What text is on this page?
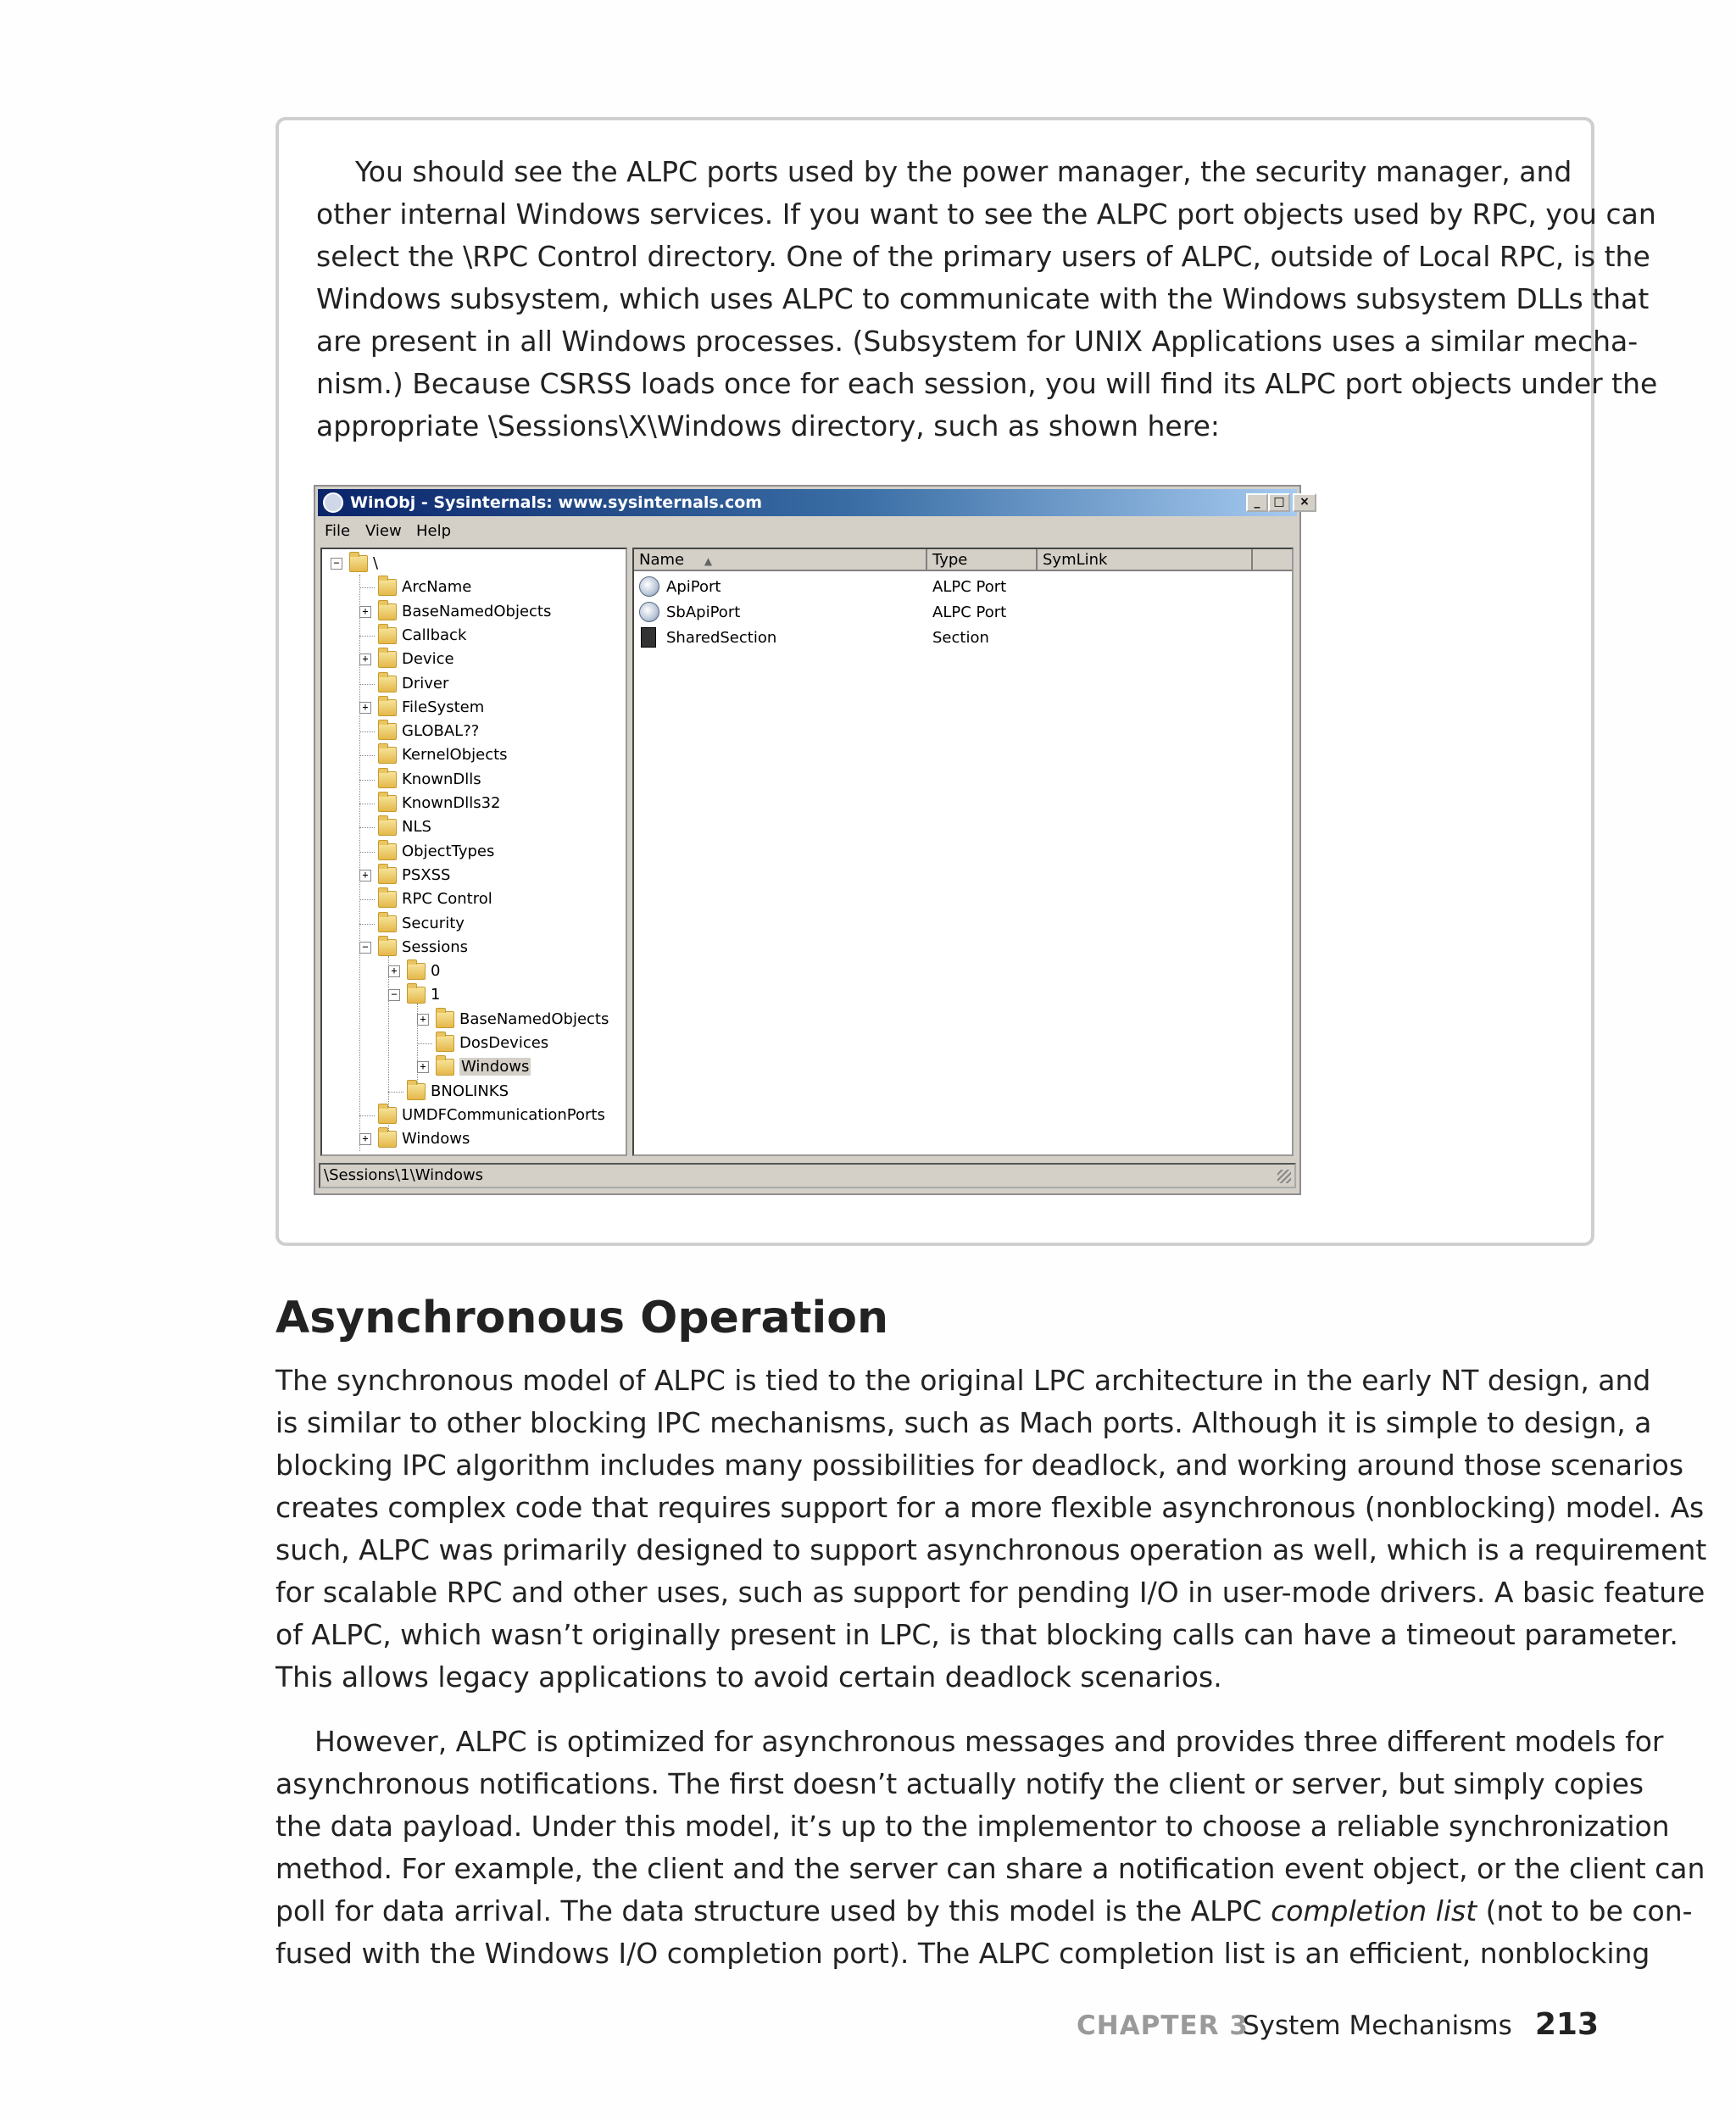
You should see the ALPC ports used by the power manager, the security manager, and
other internal Windows services. If you want to see the ALPC port objects used by RPC, you can
select the \RPC Control directory. One of the primary users of ALPC, outside of Local RPC, is the
Windows subsystem, which uses ALPC to communicate with the Windows subsystem DLLs that
are present in all Windows processes. (Subsystem for UNIX Applications uses a similar mecha-
nism.) Because CSRSS loads once for each session, you will find its ALPC port objects under the
appropriate \Sessions\X\Windows directory, such as shown here:

WinObj - Sysinternals: www.sysinternals.com	_	□	×
File View Help
− \
ArcName
+ BaseNamedObjects
Callback
+ Device
Driver
+ FileSystem
GLOBAL??
KernelObjects
KnownDlls
KnownDlls32
NLS
ObjectTypes
+ PSXSS
RPC Control
Security
− Sessions
+ 0
− 1
+ BaseNamedObjects
DosDevices
+ Windows
BNOLINKS
UMDFCommunicationPorts
+ Windows
Name ▲	Type	SymLink
ApiPort	ALPC Port
SbApiPort	ALPC Port
SharedSection	Section
\Sessions\1\Windows
Asynchronous Operation

The synchronous model of ALPC is tied to the original LPC architecture in the early NT design, and
is similar to other blocking IPC mechanisms, such as Mach ports. Although it is simple to design, a
blocking IPC algorithm includes many possibilities for deadlock, and working around those scenarios
creates complex code that requires support for a more flexible asynchronous (nonblocking) model. As
such, ALPC was primarily designed to support asynchronous operation as well, which is a requirement
for scalable RPC and other uses, such as support for pending I/O in user-mode drivers. A basic feature
of ALPC, which wasn’t originally present in LPC, is that blocking calls can have a timeout parameter.
This allows legacy applications to avoid certain deadlock scenarios.

However, ALPC is optimized for asynchronous messages and provides three different models for
asynchronous notifications. The first doesn’t actually notify the client or server, but simply copies
the data payload. Under this model, it’s up to the implementor to choose a reliable synchronization
method. For example, the client and the server can share a notification event object, or the client can
poll for data arrival. The data structure used by this model is the ALPC completion list (not to be con-
fused with the Windows I/O completion port). The ALPC completion list is an efficient, nonblocking

CHAPTER 3
System Mechanisms 213
